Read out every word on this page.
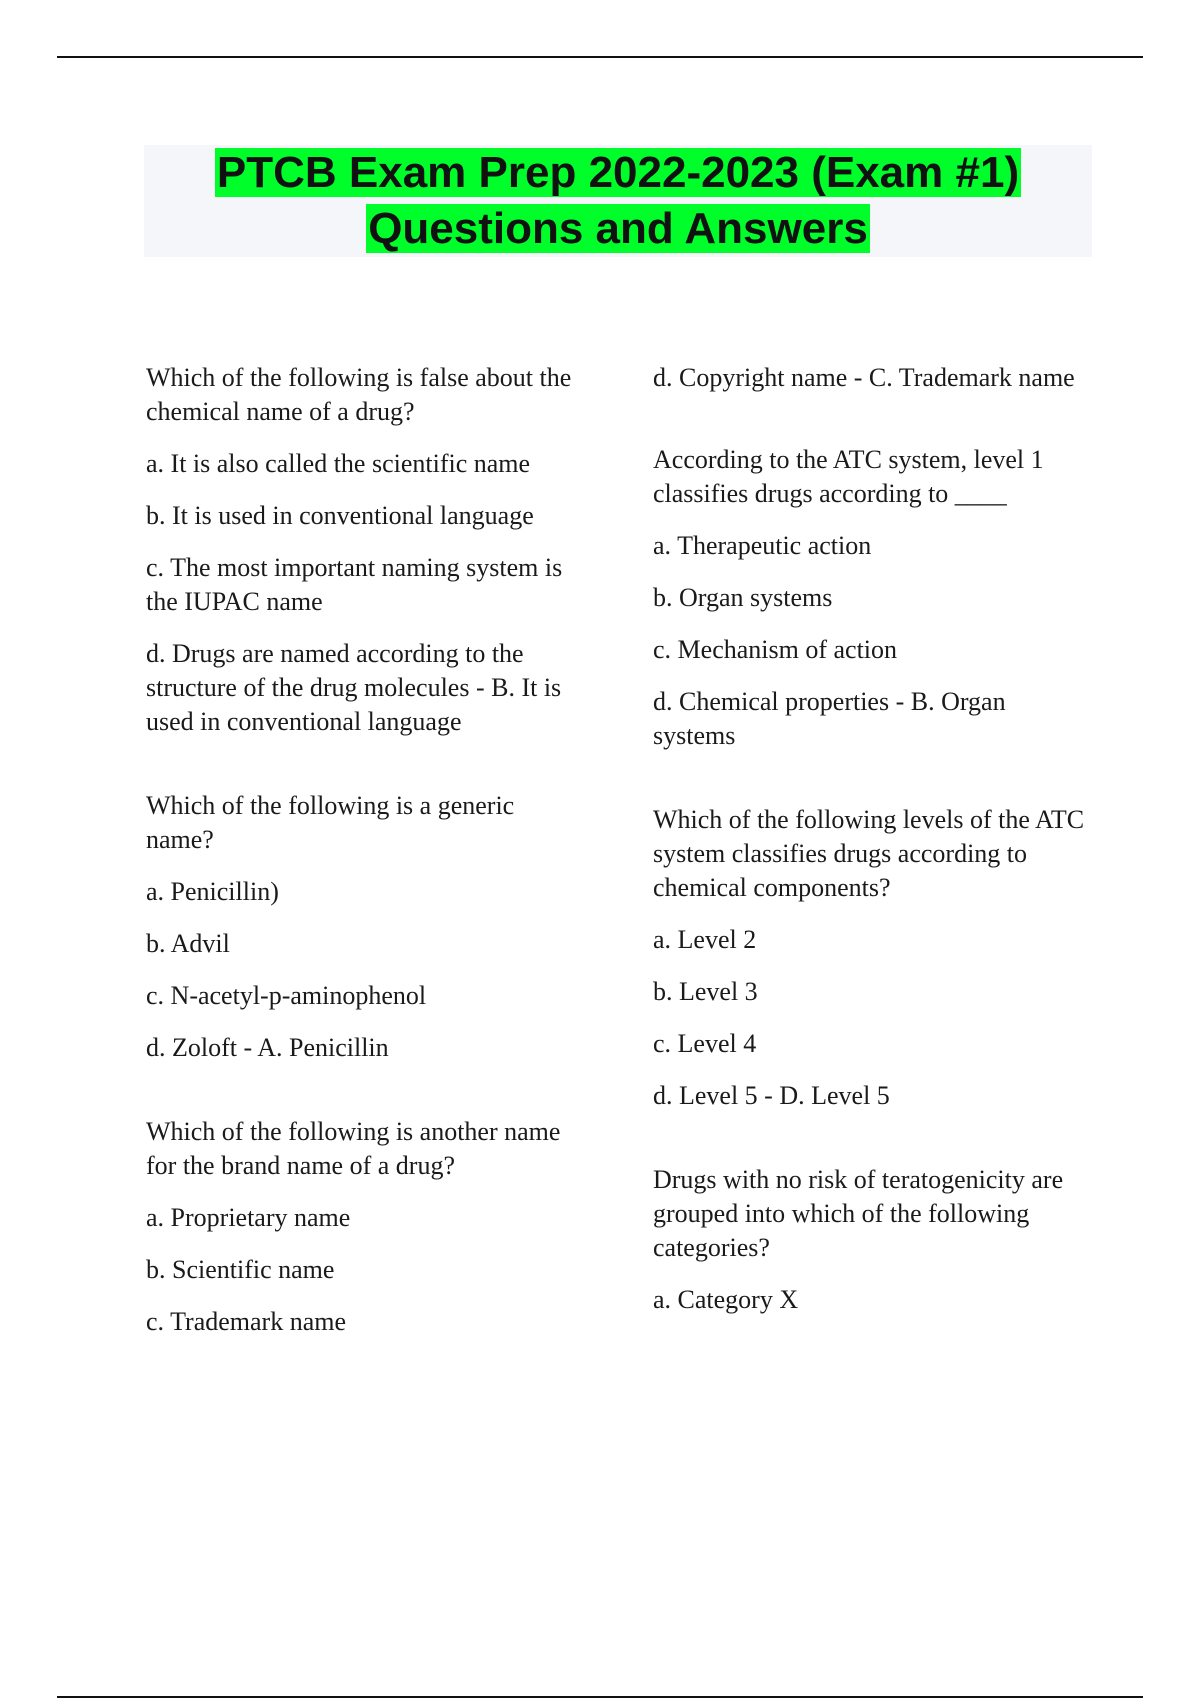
PTCB Exam Prep 2022-2023 (Exam #1)
Questions and Answers

Which of the following is false about the chemical name of a drug?

a. It is also called the scientific name

b. It is used in conventional language

c. The most important naming system is the IUPAC name

d. Drugs are named according to the structure of the drug molecules - B. It is used in conventional language

Which of the following is a generic name?

a. Penicillin)

b. Advil

c. N-acetyl-p-aminophenol

d. Zoloft - A. Penicillin

Which of the following is another name for the brand name of a drug?

a. Proprietary name

b. Scientific name

c. Trademark name

d. Copyright name - C. Trademark name

According to the ATC system, level 1 classifies drugs according to ____

a. Therapeutic action

b. Organ systems

c. Mechanism of action

d. Chemical properties - B. Organ systems

Which of the following levels of the ATC system classifies drugs according to chemical components?

a. Level 2

b. Level 3

c. Level 4

d. Level 5 - D. Level 5

Drugs with no risk of teratogenicity are grouped into which of the following categories?

a. Category X
